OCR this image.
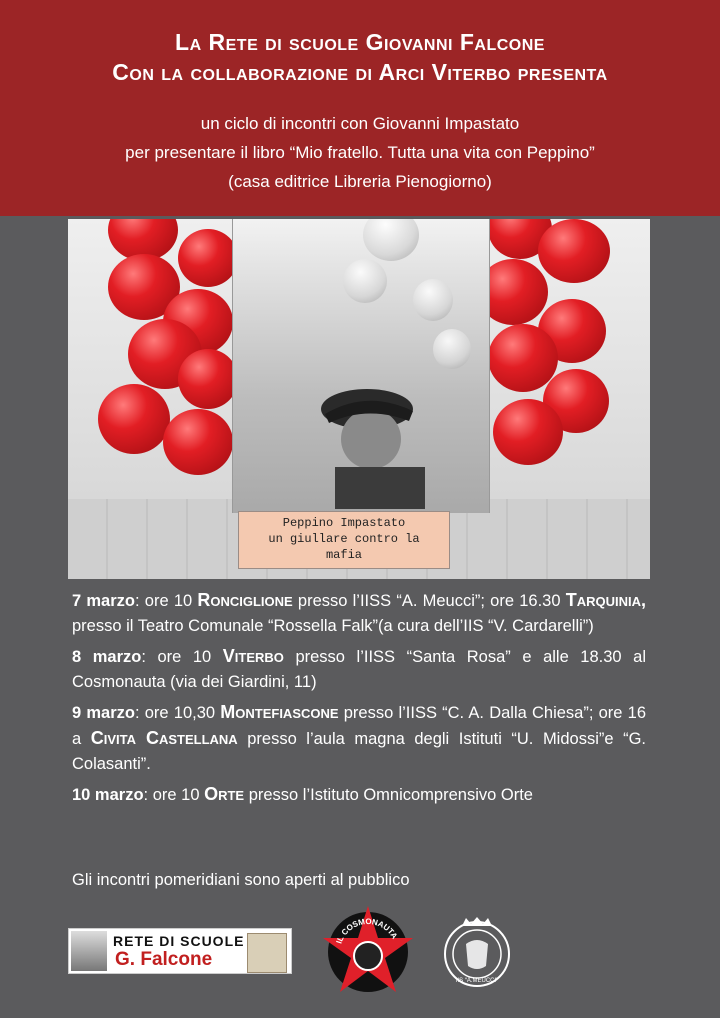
La Rete di scuole Giovanni Falcone
Con la collaborazione di Arci Viterbo presenta
un ciclo di incontri con Giovanni Impastato
per presentare il libro “Mio fratello. Tutta una vita con Peppino”
(casa editrice Libreria Pienogiorno)
Peppino Impastato
un giullare contro la
mafia

7 marzo: ore 10 Ronciglione presso l’IISS “A. Meucci”; ore 16.30 Tarquinia, presso il Teatro Comunale “Rossella Falk”(a cura dell’IIS “V. Cardarelli”)

8 marzo: ore 10 Viterbo presso l’IISS “Santa Rosa” e alle 18.30 al Cosmonauta (via dei Giardini, 11)

9 marzo: ore 10,30 Montefiascone presso l’IISS “C. A. Dalla Chiesa”; ore 16 a Civita Castellana presso l’aula magna degli Istituti “U. Midossi”e “G. Colasanti”.

10 marzo: ore 10 Orte presso l’Istituto Omnicomprensivo Orte

Gli incontri pomeridiani sono aperti al pubblico
RETE DI SCUOLE
G. Falcone
IL COSMONAUTA
IIS “A.MEUCCI”
